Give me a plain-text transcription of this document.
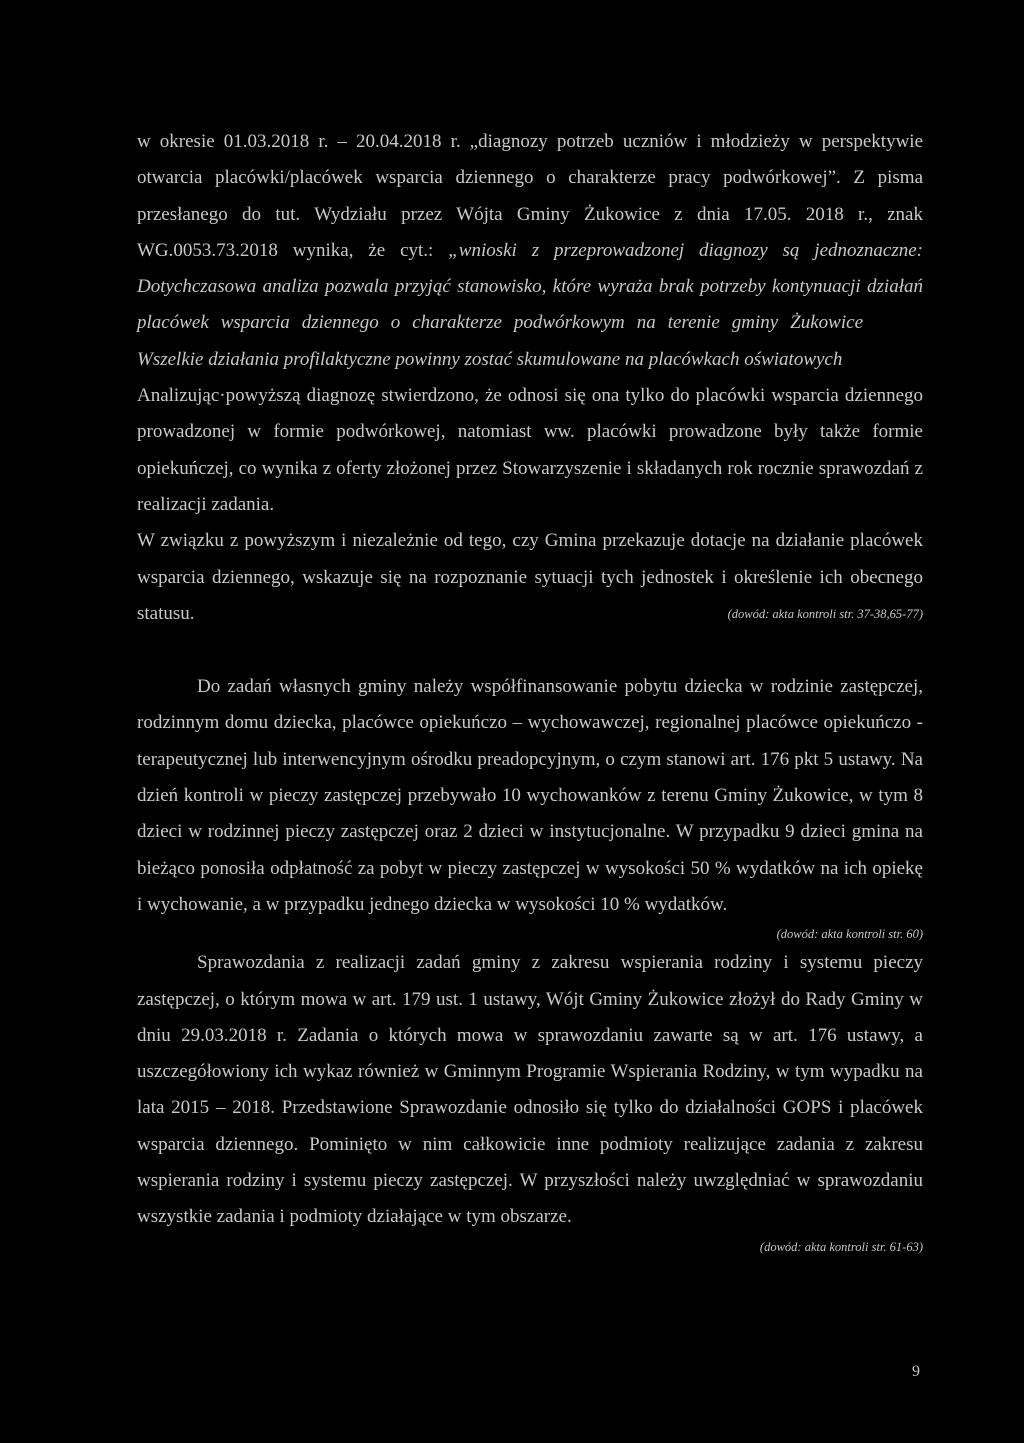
w okresie 01.03.2018 r. – 20.04.2018 r. „diagnozy potrzeb uczniów i młodzieży w perspektywie otwarcia placówki/placówek wsparcia dziennego o charakterze pracy podwórkowej”. Z pisma przesłanego do tut. Wydziału przez Wójta Gminy Żukowice z dnia 17.05. 2018 r., znak WG.0053.73.2018 wynika, że cyt.: „wnioski z przeprowadzonej diagnozy są jednoznaczne: Dotychczasowa analiza pozwala przyjąć stanowisko, które wyraża brak potrzeby kontynuacji działań placówek wsparcia dziennego o charakterze podwórkowym na terenie gminy ŻukowiceWszelkie działania profilaktyczne powinny zostać skumulowane na placówkach oświatowych

Analizując·powyższą diagnozę stwierdzono, że odnosi się ona tylko do placówki wsparcia dziennego prowadzonej w formie podwórkowej, natomiast ww. placówki prowadzone były także formie opiekuńczej, co wynika z oferty złożonej przez Stowarzyszenie i składanych rok rocznie sprawozdań z realizacji zadania.

W związku z powyższym i niezależnie od tego, czy Gmina przekazuje dotacje na działanie placówek wsparcia dziennego, wskazuje się na rozpoznanie sytuacji tych jednostek i określenie ich obecnego statusu.	(dowód: akta kontroli str. 37-38,65-77)

Do zadań własnych gminy należy współfinansowanie pobytu dziecka w rodzinie zastępczej, rodzinnym domu dziecka, placówce opiekuńczo – wychowawczej, regionalnej placówce opiekuńczo - terapeutycznej lub interwencyjnym ośrodku preadopcyjnym, o czym stanowi art. 176 pkt 5 ustawy. Na dzień kontroli w pieczy zastępczej przebywało 10 wychowanków z terenu Gminy Żukowice, w tym 8 dzieci w rodzinnej pieczy zastępczej oraz 2 dzieci w instytucjonalne. W przypadku 9 dzieci gmina na bieżąco ponosiła odpłatność za pobyt w pieczy zastępczej w wysokości 50 % wydatków na ich opiekę i wychowanie, a w przypadku jednego dziecka w wysokości 10 % wydatków.

(dowód: akta kontroli str. 60)

Sprawozdania z realizacji zadań gminy z zakresu wspierania rodziny i systemu pieczy zastępczej, o którym mowa w art. 179 ust. 1 ustawy, Wójt Gminy Żukowice złożył do Rady Gminy w dniu 29.03.2018 r. Zadania o których mowa w sprawozdaniu zawarte są w art. 176 ustawy, a uszczegółowiony ich wykaz również w Gminnym Programie Wspierania Rodziny, w tym wypadku na lata 2015 – 2018. Przedstawione Sprawozdanie odnosiło się tylko do działalności GOPS i placówek wsparcia dziennego. Pominięto w nim całkowicie inne podmioty realizujące zadania z zakresu wspierania rodziny i systemu pieczy zastępczej. W przyszłości należy uwzględniać w sprawozdaniu wszystkie zadania i podmioty działające w tym obszarze.

(dowód: akta kontroli str. 61-63)

9
